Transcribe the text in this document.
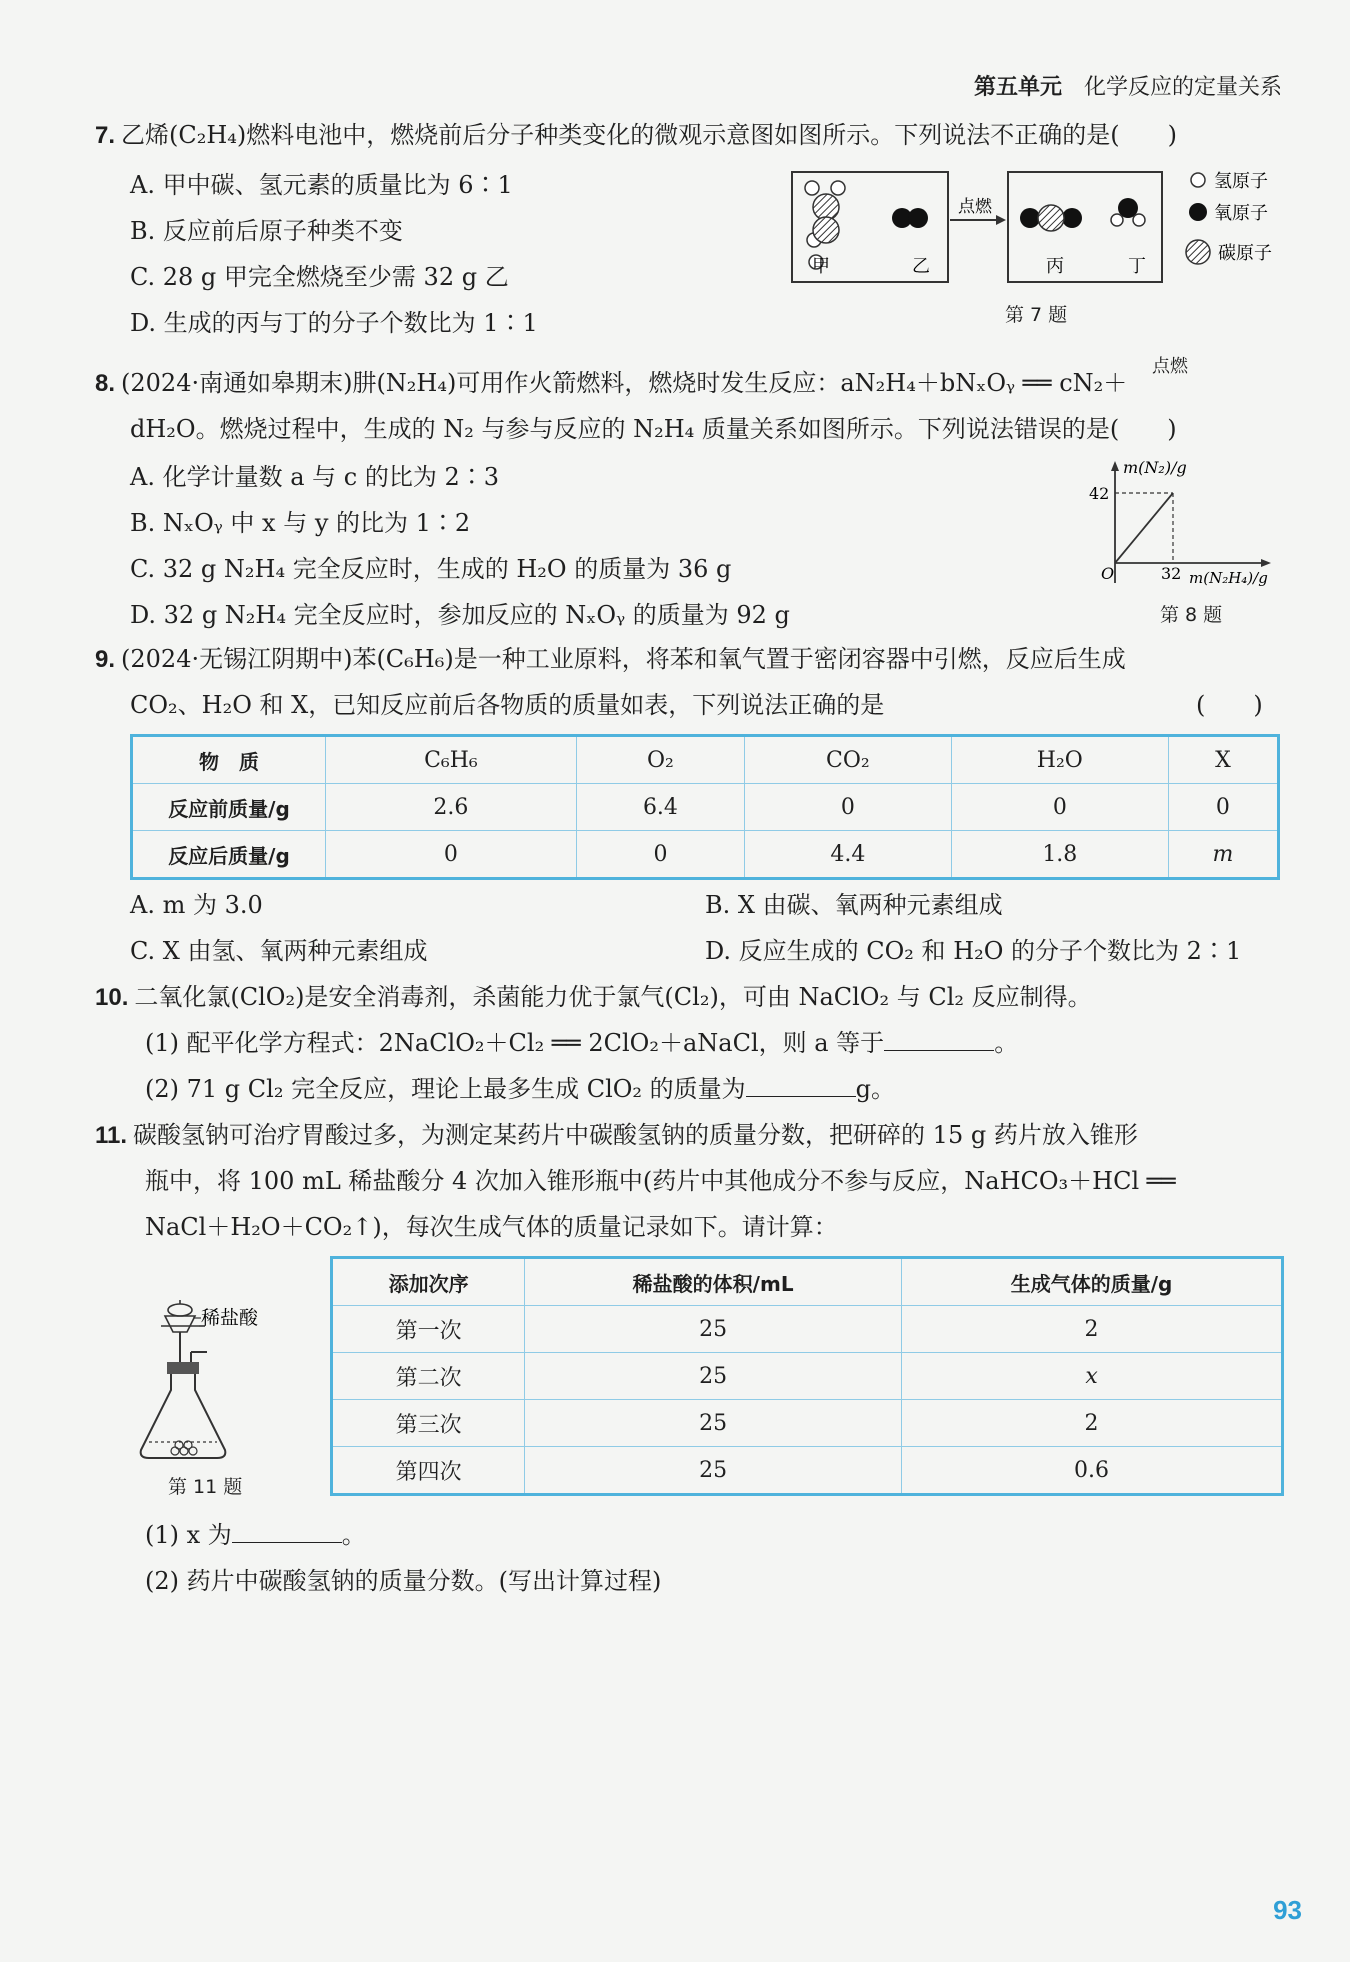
第五单元 化学反应的定量关系
7. 乙烯(C₂H₄)燃料电池中，燃烧前后分子种类变化的微观示意图如图所示。下列说法不正确的是(　　)
A. 甲中碳、氢元素的质量比为 6∶1
B. 反应前后原子种类不变
C. 28 g 甲完全燃烧至少需 32 g 乙
D. 生成的丙与丁的分子个数比为 1∶1
点燃
甲	乙	丙	丁
氢原子
氧原子
碳原子
第 7 题
点燃
8. (2024·南通如皋期末)肼(N₂H₄)可用作火箭燃料，燃烧时发生反应：aN₂H₄＋bNₓOᵧ ══ cN₂＋
dH₂O。燃烧过程中，生成的 N₂ 与参与反应的 N₂H₄ 质量关系如图所示。下列说法错误的是(　　)
A. 化学计量数 a 与 c 的比为 2∶3
B. NₓOᵧ 中 x 与 y 的比为 1∶2
C. 32 g N₂H₄ 完全反应时，生成的 H₂O 的质量为 36 g
D. 32 g N₂H₄ 完全反应时，参加反应的 NₓOᵧ 的质量为 92 g
m(N₂)/g
42
O	32 m(N₂H₄)/g
第 8 题
9. (2024·无锡江阴期中)苯(C₆H₆)是一种工业原料，将苯和氧气置于密闭容器中引燃，反应后生成
CO₂、H₂O 和 X，已知反应前后各物质的质量如表，下列说法正确的是	(　　)
物　质	C₆H₆	O₂	CO₂	H₂O	X
反应前质量/g	2.6	6.4	0	0	0
反应后质量/g	0	0	4.4	1.8	m
A. m 为 3.0	B. X 由碳、氧两种元素组成
C. X 由氢、氧两种元素组成	D. 反应生成的 CO₂ 和 H₂O 的分子个数比为 2∶1
10. 二氧化氯(ClO₂)是安全消毒剂，杀菌能力优于氯气(Cl₂)，可由 NaClO₂ 与 Cl₂ 反应制得。
(1) 配平化学方程式：2NaClO₂＋Cl₂ ══ 2ClO₂＋aNaCl，则 a 等于	。
(2) 71 g Cl₂ 完全反应，理论上最多生成 ClO₂ 的质量为	g。
11. 碳酸氢钠可治疗胃酸过多，为测定某药片中碳酸氢钠的质量分数，把研碎的 15 g 药片放入锥形
瓶中，将 100 mL 稀盐酸分 4 次加入锥形瓶中(药片中其他成分不参与反应，NaHCO₃＋HCl ══
NaCl＋H₂O＋CO₂↑)，每次生成气体的质量记录如下。请计算：
稀盐酸
第 11 题
添加次序	稀盐酸的体积/mL	生成气体的质量/g
第一次	25	2
第二次	25	x
第三次	25	2
第四次	25	0.6
(1) x 为	。
(2) 药片中碳酸氢钠的质量分数。(写出计算过程)
93
